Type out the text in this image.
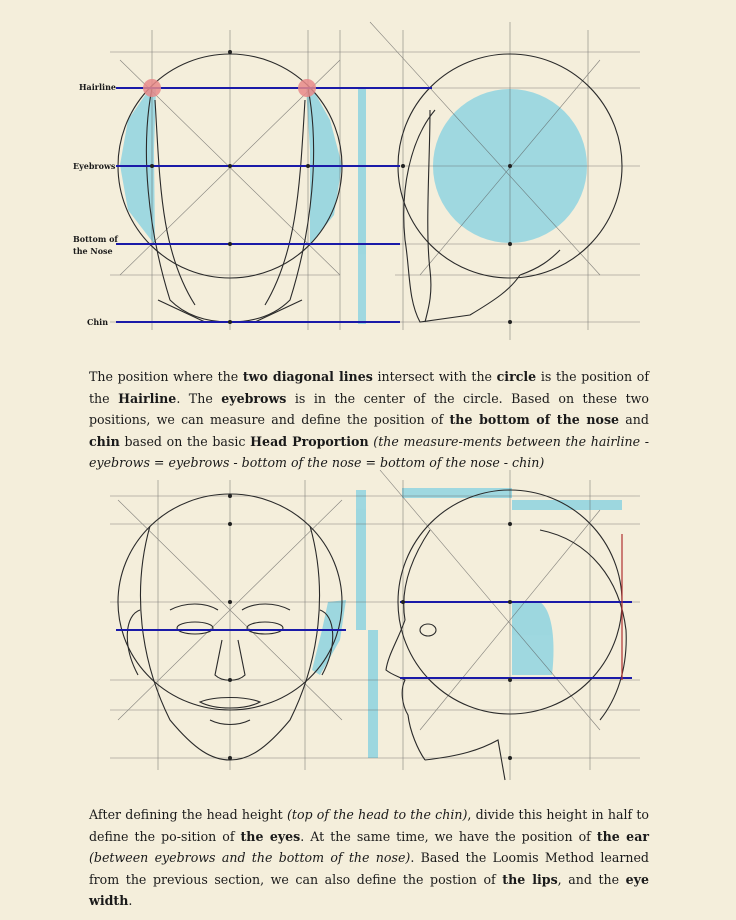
Hairline
Eyebrows
Bottom of
the Nose
Chin
The position where the two diagonal lines intersect with the circle is the position of the Hairline. The eyebrows is in the center of the circle. Based on these two positions, we can measure and define the position of the bottom of the nose and chin based on the basic Head Proportion (the measure-ments between the hairline - eyebrows = eyebrows - bottom of the nose = bottom of the nose - chin)
After defining the head height (top of the head to the chin), divide this height in half to define the po-sition of the eyes. At the same time, we have the position of the ear (between eyebrows and the bottom of the nose). Based the Loomis Method learned from the previous section, we can also define the postion of the lips, and the eye width.
